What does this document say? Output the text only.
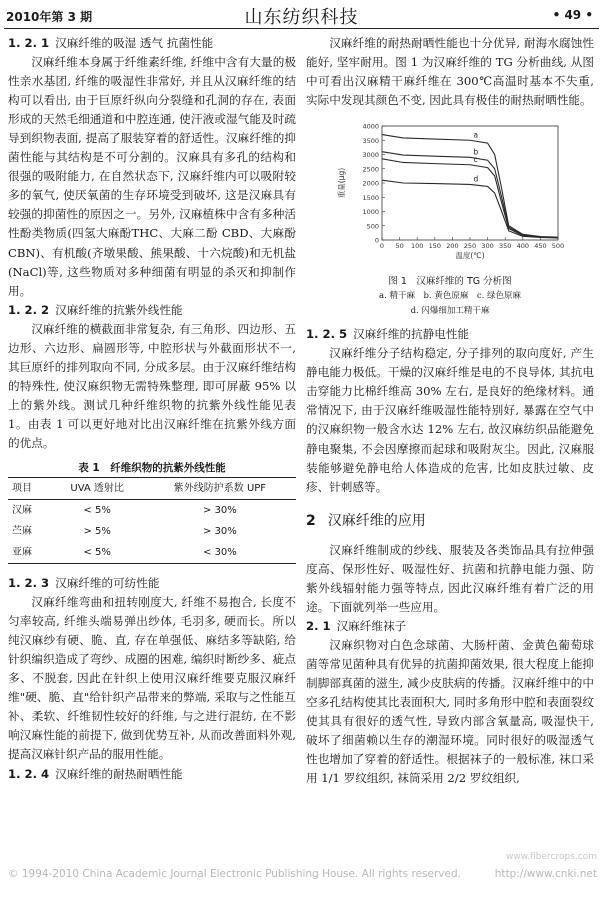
2010年第 3 期	山东纺织科技	• 49 •
1. 2. 1 汉麻纤维的吸湿 透气 抗菌性能

汉麻纤维本身属于纤维素纤维, 纤维中含有大量的极性亲水基团, 纤维的吸湿性非常好, 并且从汉麻纤维的结构可以看出, 由于巨原纤纵向分裂缝和孔洞的存在, 表面形成的天然毛细通道和中腔连通, 使汗液或湿气能及时疏导到织物表面, 提高了服装穿着的舒适性。汉麻纤维的抑菌性能与其结构是不可分割的。汉麻具有多孔的结构和很强的吸附能力, 在自然状态下, 汉麻纤维内可以吸附较多的氧气, 使厌氧菌的生存环境受到破坏, 这是汉麻具有较强的抑菌性的原因之一。另外, 汉麻植株中含有多种活性酚类物质(四氢大麻酚THC、大麻二酚 CBD、大麻酚 CBN)、有机酸(齐墩果酸、熊果酸、十六烷酸)和无机盐(NaCl)等, 这些物质对多种细菌有明显的杀灭和抑制作用。

1. 2. 2 汉麻纤维的抗紫外线性能

汉麻纤维的横截面非常复杂, 有三角形、四边形、五边形、六边形、扁圆形等, 中腔形状与外截面形状不一, 其巨原纤的排列取向不同, 分成多层。由于汉麻纤维结构的特殊性, 使汉麻织物无需特殊整理, 即可屏蔽 95% 以上的紫外线。测试几种纤维织物的抗紫外线性能见表 1。由表 1 可以更好地对比出汉麻纤维在抗紫外线方面的优点。

表 1　纤维织物的抗紫外线性能
项目	UVA 透射比	紫外线防护系数 UPF
汉麻	< 5%	> 30%
苎麻	> 5%	> 30%
亚麻	< 5%	< 30%
1. 2. 3 汉麻纤维的可纺性能

汉麻纤维弯曲和扭转刚度大, 纤维不易抱合, 长度不匀率较高, 纤维头端易弹出纱体, 毛羽多, 硬而长。所以纯汉麻纱有硬、脆、直, 存在单强低、麻结多等缺陷, 给针织编织造成了弯纱、成圈的困难, 编织时断纱多、疵点多、不脱套, 因此在针织上使用汉麻纤维要克服汉麻纤维"硬、脆、直"给针织产品带来的弊端, 采取与之性能互补、柔软、纤维韧性较好的纤维, 与之进行混纺, 在不影响汉麻性能的前提下, 做到优势互补, 从而改善面料外观, 提高汉麻针织产品的服用性能。

1. 2. 4 汉麻纤维的耐热耐晒性能

汉麻纤维的耐热耐晒性能也十分优异, 耐海水腐蚀性能好, 坚牢耐用。图 1 为汉麻纤维的 TG 分析曲线, 从图中可看出汉麻精干麻纤维在 300℃高温时基本不失重, 实际中发现其颜色不变, 因此具有极佳的耐热耐晒性能。

0
500
1000
1500
2000
2500
3000
3500
4000
0 50 100 150 200 250 300 350 400 450 500
温度(℃)
重量(μg)
a
b
c
d
图 1　汉麻纤维的 TG 分析图
a. 精干麻　b. 黄色原麻　c. 绿色原麻
d. 闪爆细加工精干麻
1. 2. 5 汉麻纤维的抗静电性能

汉麻纤维分子结构稳定, 分子排列的取向度好, 产生静电能力极低。干燥的汉麻纤维是电的不良导体, 其抗电击穿能力比棉纤维高 30% 左右, 是良好的绝缘材料。通常情况下, 由于汉麻纤维吸湿性能特别好, 暴露在空气中的汉麻织物一般含水达 12% 左右, 故汉麻纺织品能避免静电聚集, 不会因摩擦而起球和吸附灰尘。因此, 汉麻服装能够避免静电给人体造成的危害, 比如皮肤过敏、皮疹、针刺感等。

2 汉麻纤维的应用

汉麻纤维制成的纱线、服装及各类饰品具有拉伸强度高、保形性好、吸湿性好、抗菌和抗静电能力强、防紫外线辐射能力强等特点, 因此汉麻纤维有着广泛的用途。下面就列举一些应用。

2. 1 汉麻纤维袜子

汉麻织物对白色念球菌、大肠杆菌、金黄色葡萄球菌等常见菌种具有优异的抗菌抑菌效果, 很大程度上能抑制脚部真菌的滋生, 减少皮肤病的传播。汉麻纤维中的中空多孔结构使其比表面积大, 同时多角形中腔和表面裂纹使其具有很好的透气性, 导致内部含氧量高, 吸湿快干, 破坏了细菌赖以生存的潮湿环境。同时很好的吸湿透气性也增加了穿着的舒适性。根据袜子的一般标准, 袜口采用 1/1 罗纹组织, 袜筒采用 2/2 罗纹组织,

www.fibercrops.com
© 1994-2010 China Academic Journal Electronic Publishing House. All rights reserved.	http://www.cnki.net
